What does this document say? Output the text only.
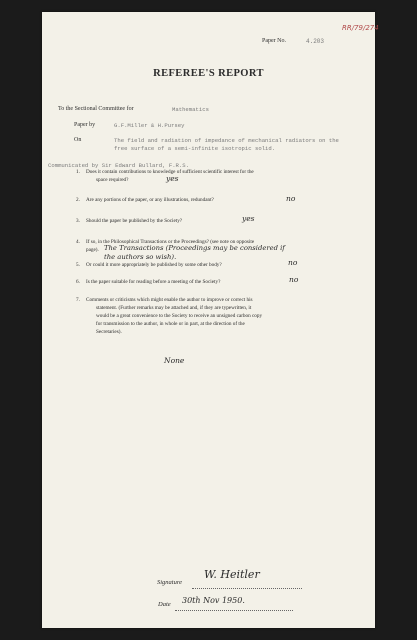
RR/79/274
Paper No.	4.203
REFEREE'S REPORT
To the Sectional Committee for	Mathematics
Paper by	G.F.Miller & H.Pursey
On	The field and radiation of impedance of mechanical radiators on the
free surface of a semi-infinite isotropic solid.
Communicated by Sir Edward Bullard, F.R.S.
1. Does it contain contributions to knowledge of sufficient scientific interest for the
space required?	yes
2. Are any portions of the paper, or any illustrations, redundant?	no
3. Should the paper be published by the Society?	yes
4. If so, in the Philosophical Transactions or the Proceedings? (see note on opposite
page). The Transactions (Proceedings may be considered if
the authors so wish).
5. Or could it more appropriately be published by some other body?	no
6. Is the paper suitable for reading before a meeting of the Society?	no
7. Comments or criticisms which might enable the author to improve or correct his
statement. (Further remarks may be attached and, if they are typewritten, it
would be a great convenience to the Society to receive an unsigned carbon copy
for transmission to the author, in whole or in part, at the direction of the
Secretaries).
None
Signature
W. Heitler
Date 30th Nov 1950.
